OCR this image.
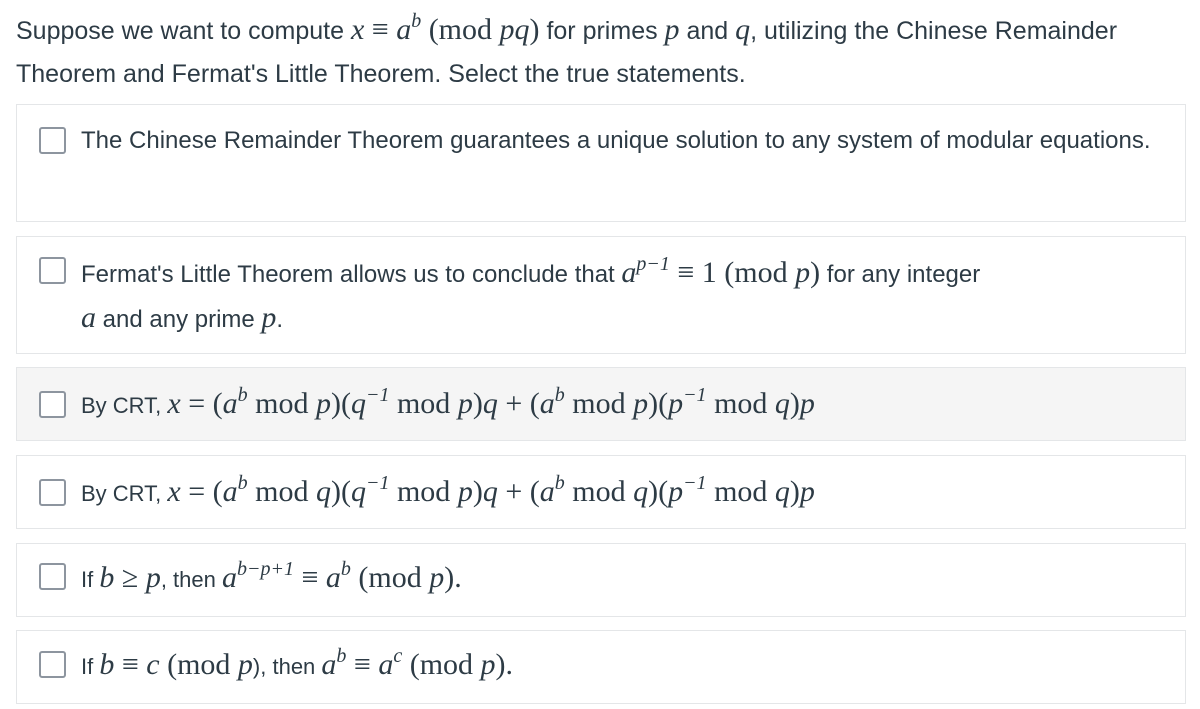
Suppose we want to compute $x \equiv a^b$ (mod pq) for primes p and q, utilizing the Chinese Remainder Theorem and Fermat's Little Theorem. Select the true statements.
The Chinese Remainder Theorem guarantees a unique solution to any system of modular equations.
Fermat's Little Theorem allows us to conclude that $a^{p-1} \equiv 1$ (mod p) for any integer
a and any prime p.
By CRT, $x = (a^b$ mod $p)(q^{-1}$ mod $p)q + (a^b$ mod $p)(p^{-1}$ mod q)p
By CRT, $x = (a^b$ mod $q)(q^{-1}$ mod $p)q + (a^b$ mod $q)(p^{-1}$ mod q)p
If b ≥ p, then $a^{b-p+1} \equiv a^b$ (mod p).
If b ≡ c (mod p), then $a^b \equiv a^c$ (mod p).
